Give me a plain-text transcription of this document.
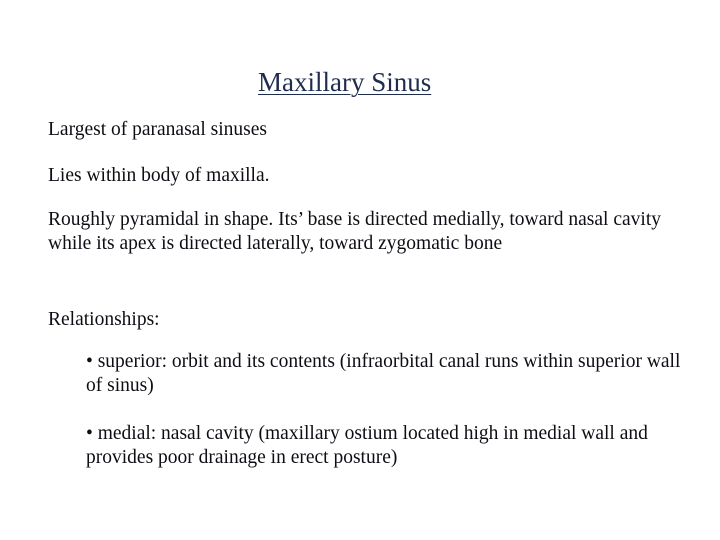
Maxillary Sinus
Largest of paranasal sinuses
Lies within body of maxilla.
Roughly pyramidal in shape. Its’ base is directed medially, toward nasal cavity while its apex is directed laterally, toward zygomatic bone
Relationships:
• superior: orbit and its contents (infraorbital canal runs within superior wall of sinus)
• medial: nasal cavity (maxillary ostium located high in medial wall and provides poor drainage in erect posture)
